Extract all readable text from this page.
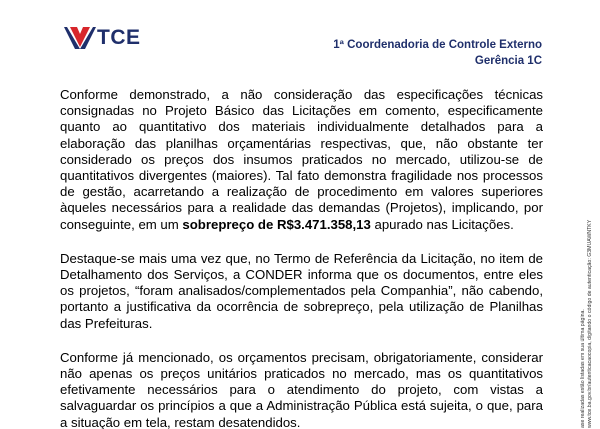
TCE	1ª Coordenadoria de Controle Externo
Gerência 1C

Conforme demonstrado, a não consideração das especificações técnicas consignadas no Projeto Básico das Licitações em comento, especificamente quanto ao quantitativo dos materiais individualmente detalhados para a elaboração das planilhas orçamentárias respectivas, que, não obstante ter considerado os preços dos insumos praticados no mercado, utilizou-se de quantitativos divergentes (maiores). Tal fato demonstra fragilidade nos processos de gestão, acarretando a realização de procedimento em valores superiores àqueles necessários para a realidade das demandas (Projetos), implicando, por conseguinte, em um sobrepreço de R$3.471.358,13 apurado nas Licitações.

Destaque-se mais uma vez que, no Termo de Referência da Licitação, no item de Detalhamento dos Serviços, a CONDER informa que os documentos, entre eles os projetos, “foram analisados/complementados pela Companhia”, não cabendo, portanto a justificativa da ocorrência de sobrepreço, pela utilização de Planilhas das Prefeituras.

Conforme já mencionado, os orçamentos precisam, obrigatoriamente, considerar não apenas os preços unitários praticados no mercado, mas os quantitativos efetivamente necessários para o atendimento do projeto, com vistas a salvaguardar os princípios a que a Administração Pública está sujeita, o que, para a situação em tela, restam desatendidos.	ase realizadas estão listadas em sua última página. www.tce.ba.gov.br/autenticacaocopia, digitando o código de autenticação: G3MUAWNTKY
